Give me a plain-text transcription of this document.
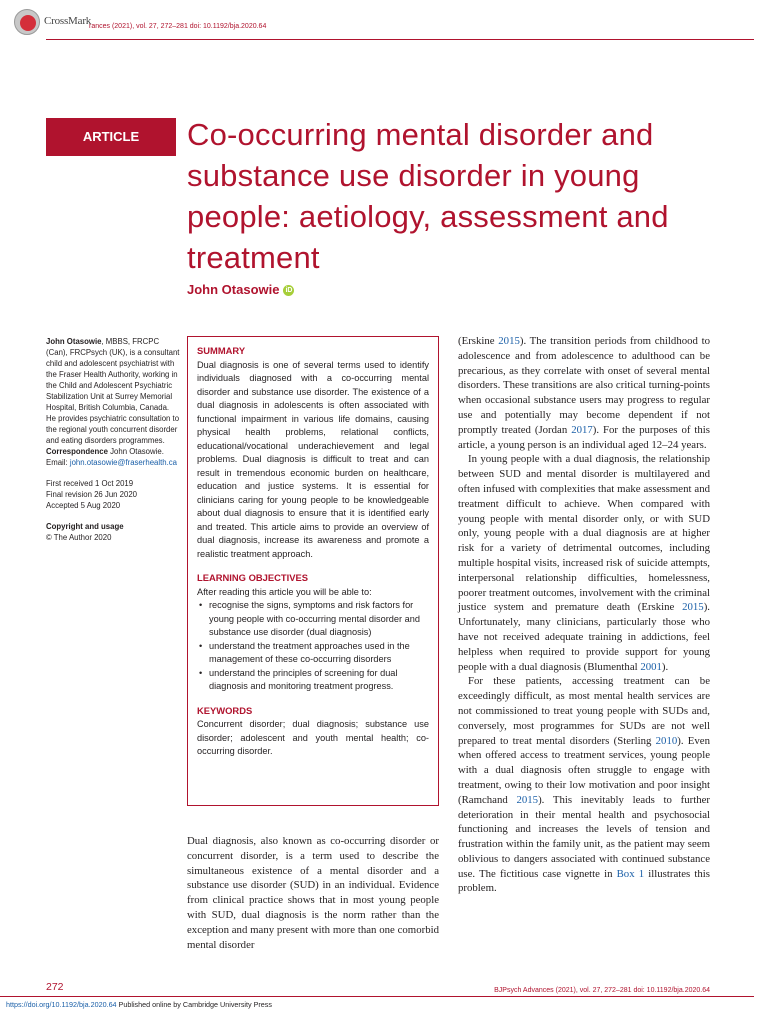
CrossMark
rances (2021), vol. 27, 272–281 doi: 10.1192/bja.2020.64
ARTICLE	Co-occurring mental disorder and substance use disorder in young people: aetiology, assessment and treatment
John Otasowie iD

John Otasowie, MBBS, FRCPC (Can), FRCPsych (UK), is a consultant child and adolescent psychiatrist with the Fraser Health Authority, working in the Child and Adolescent Psychiatric Stabilization Unit at Surrey Memorial Hospital, British Columbia, Canada. He provides psychiatric consultation to the regional youth concurrent disorder and eating disorders programmes.

Correspondence John Otasowie.

Email: john.otasowie@fraserhealth.ca

First received 1 Oct 2019

Final revision 26 Jun 2020

Accepted 5 Aug 2020

Copyright and usage

© The Author 2020

SUMMARY

Dual diagnosis is one of several terms used to identify individuals diagnosed with a co-occurring mental disorder and substance use disorder. The existence of a dual diagnosis in adolescents is often associated with functional impairment in various life domains, causing physical health problems, relational conflicts, educational/vocational underachievement and legal problems. Dual diagnosis is difficult to treat and can result in tremendous economic burden on healthcare, education and justice systems. It is essential for clinicians caring for young people to be knowledgeable about dual diagnosis to ensure that it is identified early and treated. This article aims to provide an overview of dual diagnosis, increase its awareness and promote a realistic treatment approach.

LEARNING OBJECTIVES

After reading this article you will be able to:

• recognise the signs, symptoms and risk factors for young people with co-occurring mental disorder and substance use disorder (dual diagnosis)
• understand the treatment approaches used in the management of these co-occurring disorders
• understand the principles of screening for dual diagnosis and monitoring treatment progress.

KEYWORDS

Concurrent disorder; dual diagnosis; substance use disorder; adolescent and youth mental health; co-occurring disorder.

Dual diagnosis, also known as co-occurring disorder or concurrent disorder, is a term used to describe the simultaneous existence of a mental disorder and a substance use disorder (SUD) in an individual. Evidence from clinical practice shows that in most young people with SUD, dual diagnosis is the norm rather than the exception and many present with more than one comorbid mental disorder

(Erskine 2015). The transition periods from childhood to adolescence and from adolescence to adulthood can be precarious, as they correlate with onset of several mental disorders. These transitions are also critical turning-points when occasional substance users may progress to regular use and potentially may become dependent if not promptly treated (Jordan 2017). For the purposes of this article, a young person is an individual aged 12–24 years.

In young people with a dual diagnosis, the relationship between SUD and mental disorder is multilayered and often infused with complexities that make assessment and treatment difficult to achieve. When compared with young people with mental disorder only, or with SUD only, young people with a dual diagnosis are at higher risk for a variety of detrimental outcomes, including multiple hospital visits, increased risk of suicide attempts, interpersonal relationship difficulties, homelessness, poorer treatment outcomes, involvement with the criminal justice system and premature death (Erskine 2015). Unfortunately, many clinicians, particularly those who have not received adequate training in addictions, feel helpless when required to provide support for young people with a dual diagnosis (Blumenthal 2001).

For these patients, accessing treatment can be exceedingly difficult, as most mental health services are not commissioned to treat young people with SUDs and, conversely, most programmes for SUDs are not well prepared to treat mental disorders (Sterling 2010). Even when offered access to treatment services, young people with a dual diagnosis often struggle to engage with treatment, owing to their low motivation and poor insight (Ramchand 2015). This inevitably leads to further deterioration in their mental health and psychosocial functioning and increases the levels of tension and frustration within the family unit, as the patient may seem oblivious to dangers associated with continued substance use. The fictitious case vignette in Box 1 illustrates this problem.

272	BJPsych Advances (2021), vol. 27, 272–281 doi: 10.1192/bja.2020.64
https://doi.org/10.1192/bja.2020.64 Published online by Cambridge University Press
